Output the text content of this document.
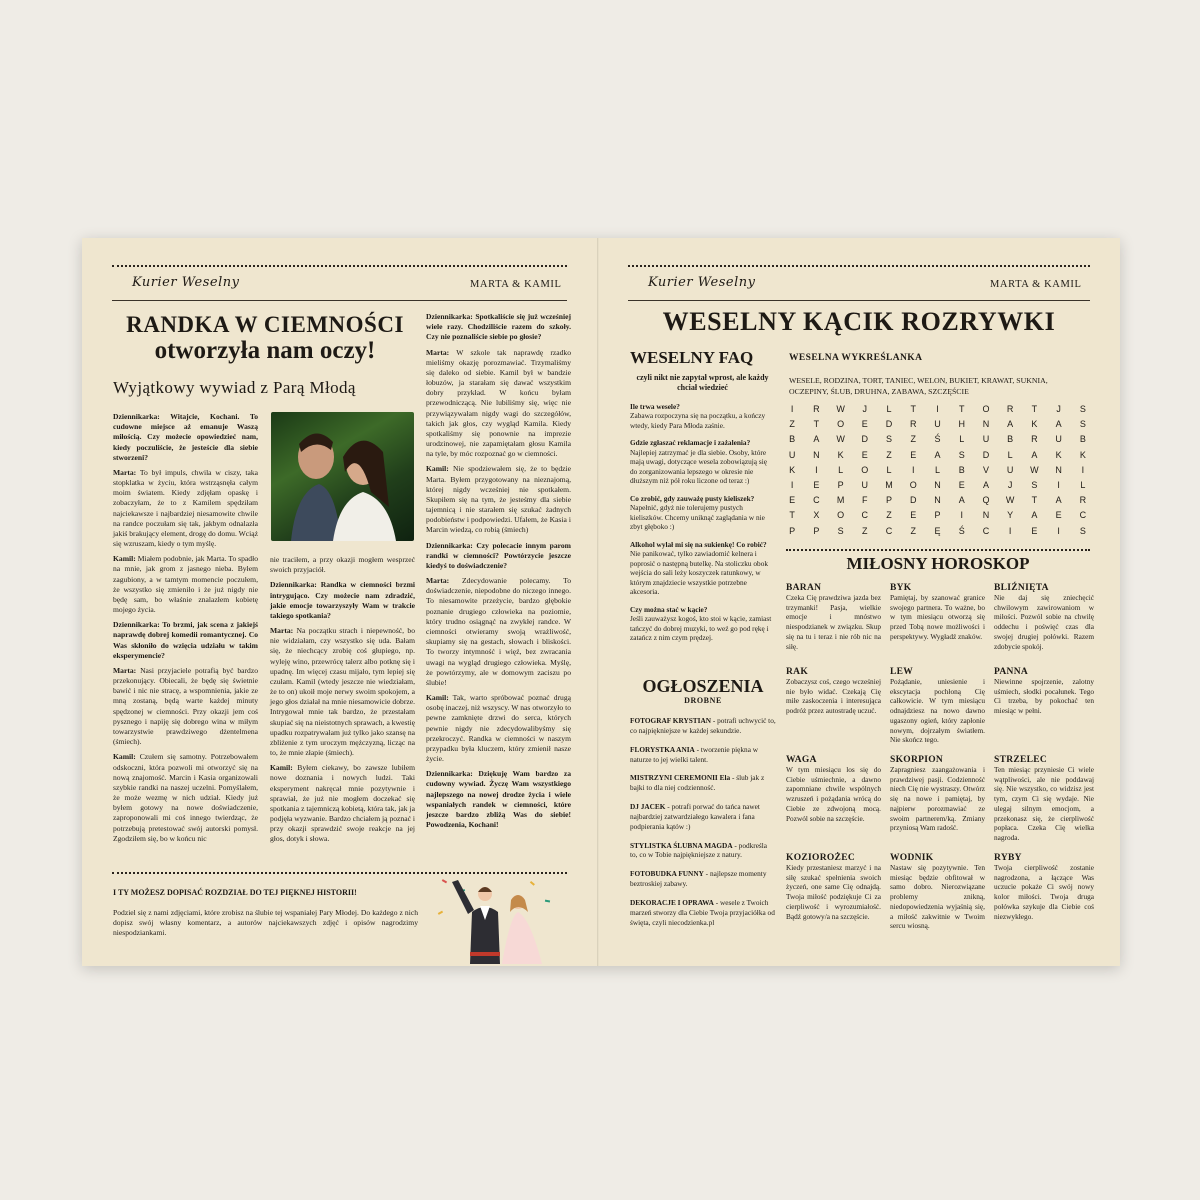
Kurier Weselny	MARTA & KAMIL
RANDKA W CIEMNOŚCI
otworzyła nam oczy!
Wyjątkowy wywiad z Parą Młodą

Dziennikarka: Witajcie, Kochani. To cudowne miejsce aż emanuje Waszą miłością. Czy możecie opowiedzieć nam, kiedy poczuliście, że jesteście dla siebie stworzeni?

Marta: To był impuls, chwila w ciszy, taka stopklatka w życiu, która wstrząsnęła całym moim światem. Kiedy zdjęłam opaskę i zobaczyłam, że to z Kamilem spędziłam najciekawsze i najbardziej niesamowite chwile na randce poczułam się tak, jakbym odnalazła jakiś brakujący element, drogę do domu. Wciąż się wzruszam, kiedy o tym myślę.

Kamil: Miałem podobnie, jak Marta. To spadło na mnie, jak grom z jasnego nieba. Byłem zagubiony, a w tamtym momencie poczułem, że wszystko się zmieniło i że już nigdy nie będę sam, bo właśnie znalazłem kobietę mojego życia.

Dziennikarka: To brzmi, jak scena z jakiejś naprawdę dobrej komedii romantycznej. Co Was skłoniło do wzięcia udziału w takim eksperymencie?

Marta: Nasi przyjaciele potrafią być bardzo przekonujący. Obiecali, że będę się świetnie bawić i nic nie stracę, a wspomnienia, jakie ze mną zostaną, będą warte każdej minuty spędzonej w ciemności. Przy okazji jem coś pysznego i napiję się dobrego wina w miłym towarzystwie prawdziwego dżentelmena (śmiech).

Kamil: Czułem się samotny. Potrzebowałem odskoczni, która pozwoli mi otworzyć się na nową znajomość. Marcin i Kasia organizowali szybkie randki na naszej uczelni. Pomyślałem, że może wezmę w nich udział. Kiedy już byłem gotowy na nowe doświadczenie, zaproponowali mi coś innego twierdząc, że potrzebują pretestować swój autorski pomysł. Zgodziłem się, bo w końcu nic

nie traciłem, a przy okazji mogłem wesprzeć swoich przyjaciół.

Dziennikarka: Randka w ciemności brzmi intrygująco. Czy możecie nam zdradzić, jakie emocje towarzyszyły Wam w trakcie takiego spotkania?

Marta: Na początku strach i niepewność, bo nie widziałam, czy wszystko się uda. Bałam się, że niechcący zrobię coś głupiego, np. wyleję wino, przewrócę talerz albo potknę się i upadnę. Im więcej czasu mijało, tym lepiej się czułam. Kamil (wtedy jeszcze nie wiedziałam, że to on) ukoił moje nerwy swoim spokojem, a jego głos działał na mnie niesamowicie dobrze. Intrygował mnie tak bardzo, że przestałam skupiać się na nieistotnych sprawach, a kwestię upadku rozpatrywałam już tylko jako szansę na zbliżenie z tym uroczym mężczyzną, licząc na to, że mnie złapie (śmiech).

Kamil: Byłem ciekawy, bo zawsze lubiłem nowe doznania i nowych ludzi. Taki eksperyment nakręcał mnie pozytywnie i sprawiał, że już nie mogłem doczekać się spotkania z tajemniczą kobietą, która tak, jak ja podjęła wyzwanie. Bardzo chciałem ją poznać i przy okazji sprawdzić swoje reakcje na jej głos, dotyk i słowa.

Dziennikarka: Spotkaliście się już wcześniej wiele razy. Chodziliście razem do szkoły. Czy nie poznaliście siebie po głosie?

Marta: W szkole tak naprawdę rzadko mieliśmy okazję porozmawiać. Trzymaliśmy się daleko od siebie. Kamil był w bandzie łobuzów, ja starałam się dawać wszystkim dobry przykład. W końcu byłam przewodniczącą. Nie lubiliśmy się, więc nie przywiązywałam nigdy wagi do szczegółów, takich jak głos, czy wygląd Kamila. Kiedy spotkaliśmy się ponownie na imprezie urodzinowej, nie zapamiętałam głosu Kamila na tyle, by móc rozpoznać go w ciemności.

Kamil: Nie spodziewałem się, że to będzie Marta. Byłem przygotowany na nieznajomą, której nigdy wcześniej nie spotkałem. Skupiłem się na tym, że jesteśmy dla siebie tajemnicą i nie starałem się szukać żadnych podobieństw i podpowiedzi. Ufałem, że Kasia i Marcin wiedzą, co robią (śmiech)

Dziennikarka: Czy polecacie innym parom randki w ciemności? Powtórzycie jeszcze kiedyś to doświadczenie?

Marta: Zdecydowanie polecamy. To doświadczenie, niepodobne do niczego innego. To niesamowite przeżycie, bardzo głębokie poznanie drugiego człowieka na poziomie, który trudno osiągnąć na zwykłej randce. W ciemności otwieramy swoją wrażliwość, skupiamy się na gestach, słowach i bliskości. To tworzy intymność i więź, bez zwracania uwagi na wygląd drugiego człowieka. Myślę, że powtórzymy, ale w domowym zaciszu po ślubie!

Kamil: Tak, warto spróbować poznać drugą osobę inaczej, niż wszyscy. W nas otworzyło to pewne zamknięte drzwi do serca, których pewnie nigdy nie zdecydowalibyśmy się przekroczyć. Randka w ciemności w naszym przypadku była kluczem, który zmienił nasze życie.

Dziennikarka: Dziękuję Wam bardzo za cudowny wywiad. Życzę Wam wszystkiego najlepszego na nowej drodze życia i wiele wspaniałych randek w ciemności, które jeszcze bardzo zbliżą Was do siebie! Powodzenia, Kochani!

I TY MOŻESZ DOPISAĆ ROZDZIAŁ DO TEJ PIĘKNEJ HISTORII!
Podziel się z nami zdjęciami, które zrobisz na ślubie tej wspaniałej Pary Młodej. Do każdego z nich dopisz swój własny komentarz, a autorów najciekawszych zdjęć i opisów nagrodzimy niespodziankami.
Kurier Weselny	MARTA & KAMIL
WESELNY KĄCIK ROZRYWKI
WESELNY FAQ
czyli nikt nie zapytał wprost, ale każdy chciał wiedzieć

Ile trwa wesele?

Zabawa rozpoczyna się na początku, a kończy wtedy, kiedy Para Młoda zaśnie.

Gdzie zgłaszać reklamacje i zażalenia?

Najlepiej zatrzymać je dla siebie. Osoby, które mają uwagi, dotyczące wesela zobowiązują się do zorganizowania lepszego w okresie nie dłuższym niż pół roku liczone od teraz :)

Co zrobić, gdy zauważę pusty kieliszek?

Napełnić, gdyż nie tolerujemy pustych kieliszków. Chcemy uniknąć zaglądania w nie zbyt głęboko :)

Alkohol wylał mi się na sukienkę! Co robić?

Nie panikować, tylko zawiadomić kelnera i poprosić o następną butelkę. Na stoliczku obok wejścia do sali leży koszyczek ratunkowy, w którym znajdziecie wszystkie potrzebne akcesoria.

Czy można stać w kącie?

Jeśli zauważysz kogoś, kto stoi w kącie, zamiast tańczyć do dobrej muzyki, to weź go pod rękę i zatańcz z nim czym prędzej.

OGŁOSZENIA
DROBNE

FOTOGRAF KRYSTIAN - potrafi uchwycić to, co najpiękniejsze w każdej sekundzie.

FLORYSTKA ANIA - tworzenie piękna w naturze to jej wielki talent.

MISTRZYNI CEREMONII Ela - ślub jak z bajki to dla niej codzienność.

DJ JACEK - potrafi porwać do tańca nawet najbardziej zatwardziałego kawalera i fana podpierania kątów :)

STYLISTKA ŚLUBNA MAGDA - podkreśla to, co w Tobie najpiękniejsze z natury.

FOTOBUDKA FUNNY - najlepsze momenty beztroskiej zabawy.

DEKORACJE I OPRAWA - wesele z Twoich marzeń stworzy dla Ciebie Twoja przyjaciółka od święta, czyli niecodzienka.pl

WESELNA WYKREŚLANKA
WESELE, RODZINA, TORT, TANIEC, WELON, BUKIET, KRAWAT, SUKNIA, OCZEPINY, ŚLUB, DRUHNA, ZABAWA, SZCZĘŚCIE
I	R	W	J	L	T	I	T	O	R	T	J	S
Z	T	O	E	D	R	U	H	N	A	K	A	S
B	A	W	D	S	Z	Ś	L	U	B	R	U	B
U	N	K	E	Z	E	A	S	D	L	A	K	K
K	I	L	O	L	I	L	B	V	U	W	N	I
I	E	P	U	M	O	N	E	A	J	S	I	L
E	C	M	F	P	D	N	A	Q	W	T	A	R
T	X	O	C	Z	E	P	I	N	Y	A	E	C
P	P	S	Z	C	Z	Ę	Ś	C	I	E	I	S
MIŁOSNY HOROSKOP
BARAN
Czeka Cię prawdziwa jazda bez trzymanki! Pasja, wielkie emocje i mnóstwo niespodzianek w związku. Skup się na tu i teraz i nie rób nic na siłę.
BYK
Pamiętaj, by szanować granice swojego partnera. To ważne, bo w tym miesiącu otworzą się przed Tobą nowe możliwości i perspektywy. Wygładź znaków.
BLIŹNIĘTA
Nie daj się zniechęcić chwilowym zawirowaniom w miłości. Pozwól sobie na chwilę oddechu i poświęć czas dla swojej drugiej połówki. Razem zdobycie spokój.
RAK
Zobaczysz coś, czego wcześniej nie było widać. Czekają Cię miłe zaskoczenia i interesująca podróż przez autostradę uczuć.
LEW
Pożądanie, uniesienie i ekscytacja pochłoną Cię całkowicie. W tym miesiącu odnajdziesz na nowo dawno ugaszony ogień, który zapłonie nowym, dojrzałym światłem. Nie skończ tego.
PANNA
Niewinne spojrzenie, zalotny uśmiech, słodki pocałunek. Tego Ci trzeba, by pokochać ten miesiąc w pełni.
WAGA
W tym miesiącu los się do Ciebie uśmiechnie, a dawno zapomniane chwile wspólnych wzruszeń i pożądania wrócą do Ciebie ze zdwojoną mocą. Pozwól sobie na szczęście.
SKORPION
Zapragniesz zaangażowania i prawdziwej pasji. Codzienność niech Cię nie wystraszy. Otwórz się na nowe i pamiętaj, by najpierw porozmawiać ze swoim partnerem/ką. Zmiany przyniosą Wam radość.
STRZELEC
Ten miesiąc przyniesie Ci wiele wątpliwości, ale nie poddawaj się. Nie wszystko, co widzisz jest tym, czym Ci się wydaje. Nie ulegaj silnym emocjom, a przekonasz się, że cierpliwość popłaca. Czeka Cię wielka nagroda.
KOZIOROŻEC
Kiedy przestaniesz marzyć i na siłę szukać spełnienia swoich życzeń, one same Cię odnajdą. Twoja miłość podziękuje Ci za cierpliwość i wyrozumiałość. Bądź gotowy/a na szczęście.
WODNIK
Nastaw się pozytywnie. Ten miesiąc będzie obfitował w samo dobro. Nierozwiązane problemy znikną, niedopowiedzenia wyjaśnią się, a miłość zakwitnie w Twoim sercu wiosną.
RYBY
Twoja cierpliwość zostanie nagrodzona, a łączące Was uczucie pokaże Ci swój nowy kolor miłości. Twoja druga połówka szykuje dla Ciebie coś niezwykłego.
